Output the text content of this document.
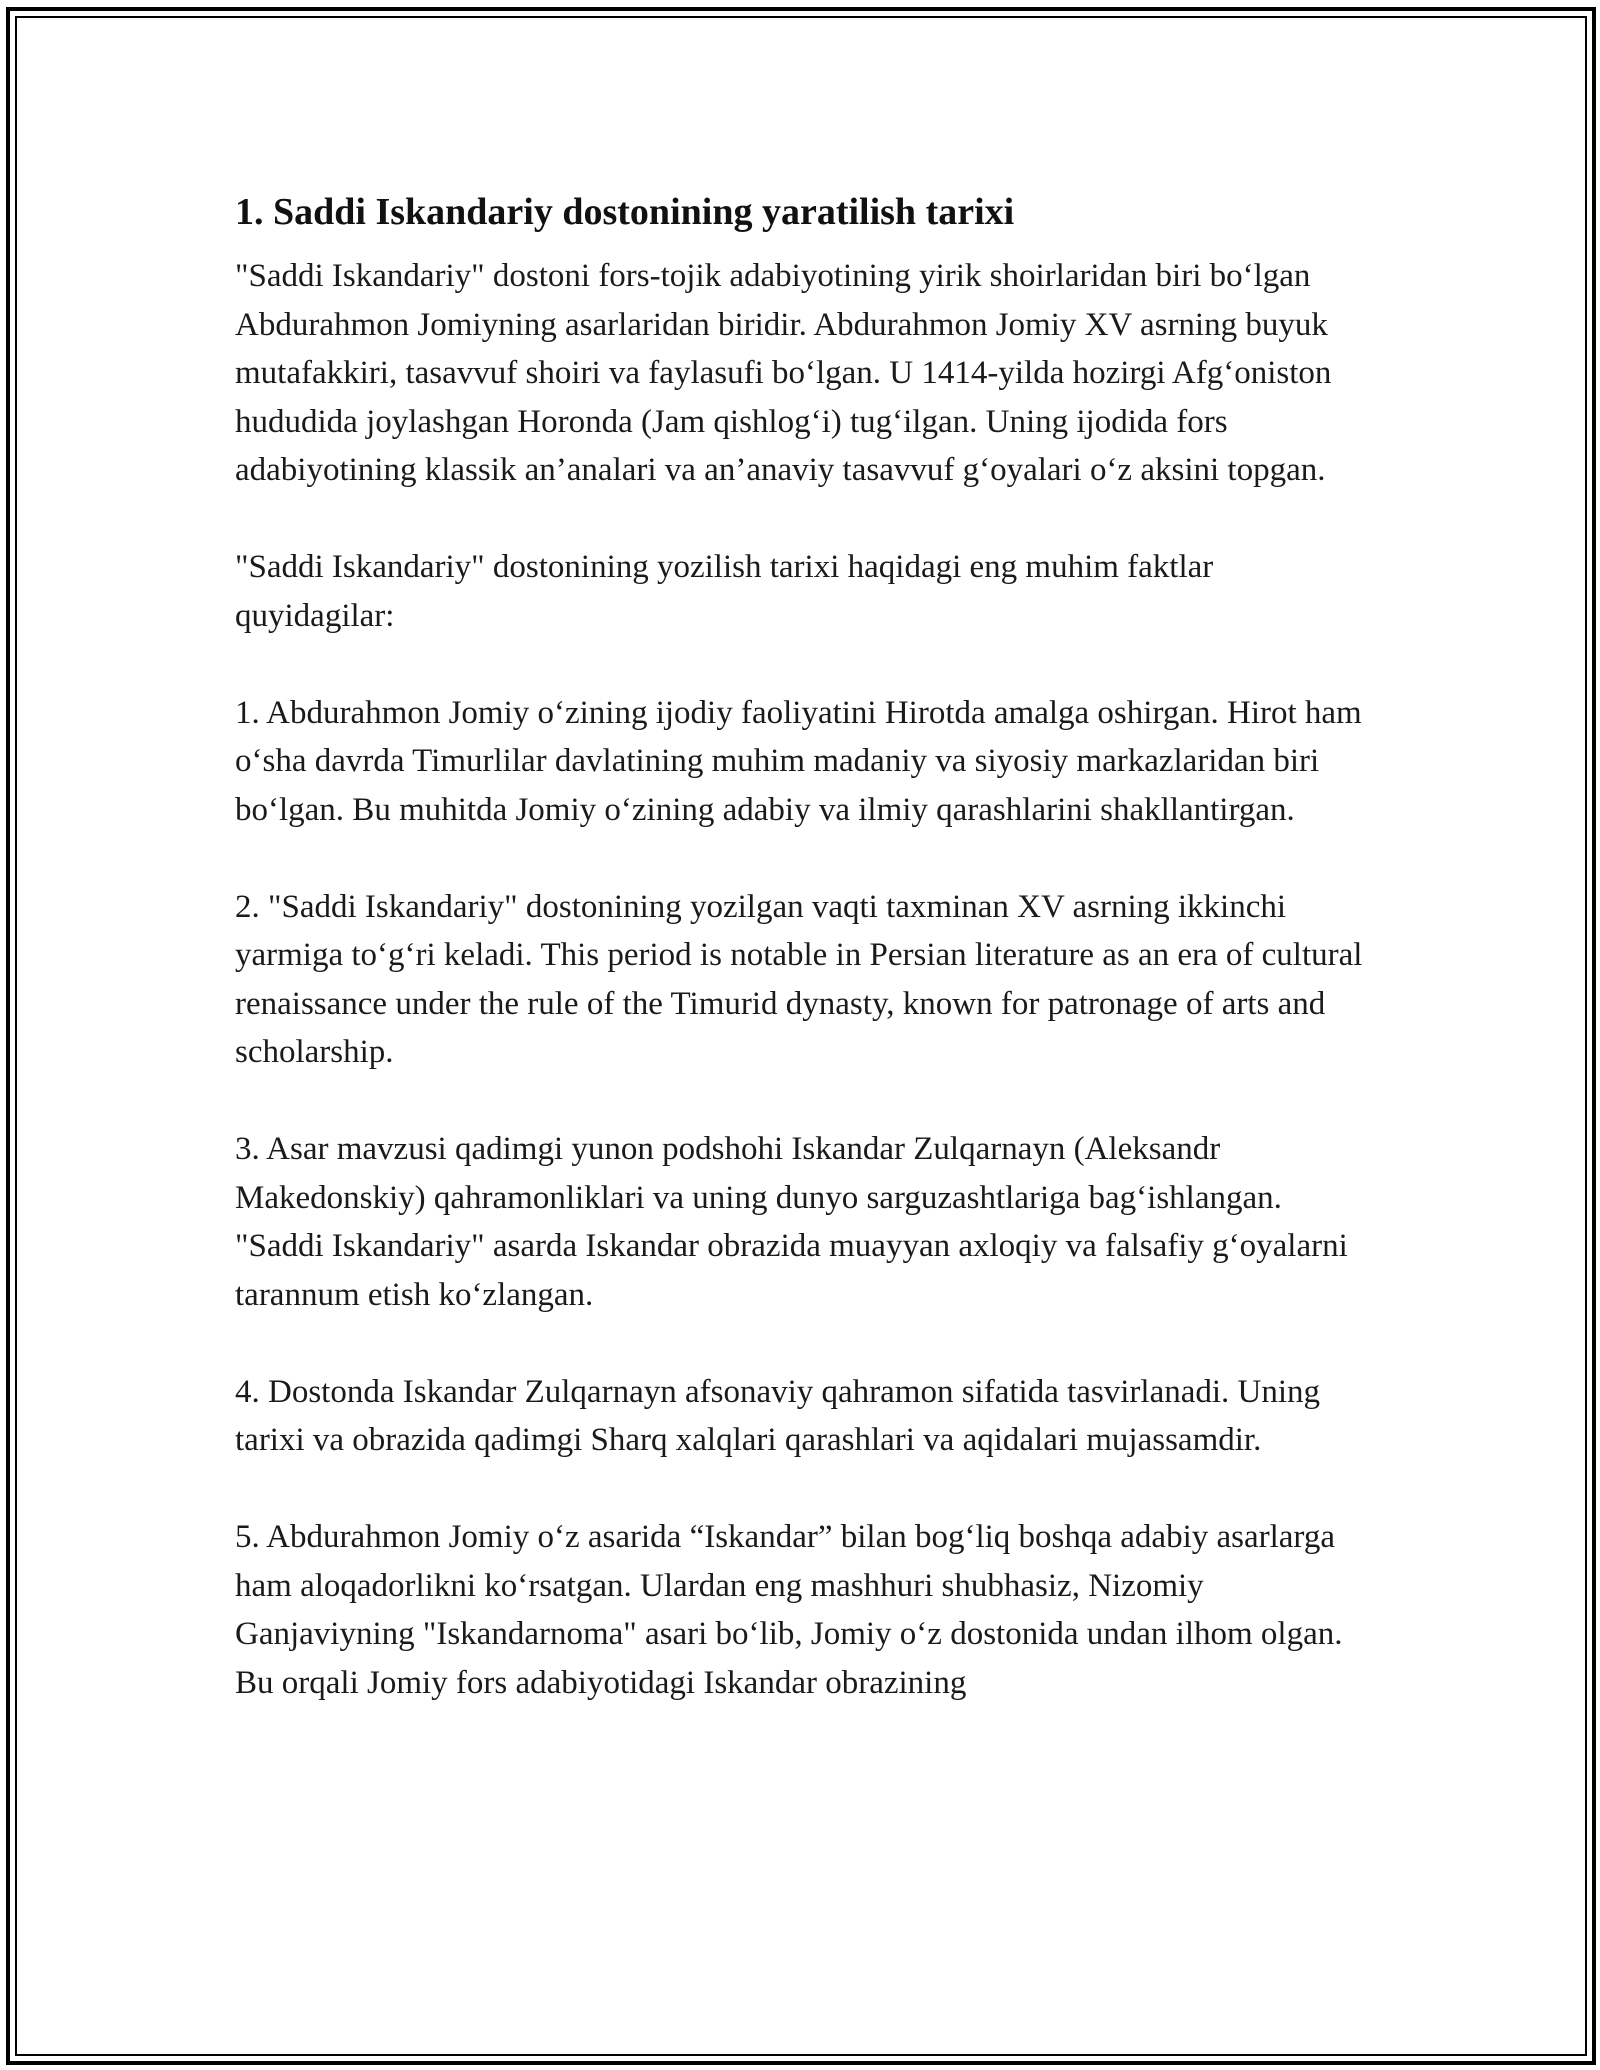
1. Saddi Iskandariy dostonining yaratilish tarixi

"Saddi Iskandariy" dostoni fors-tojik adabiyotining yirik shoirlaridan biri bo‘lgan Abdurahmon Jomiyning asarlaridan biridir. Abdurahmon Jomiy XV asrning buyuk mutafakkiri, tasavvuf shoiri va faylasufi bo‘lgan. U 1414-yilda hozirgi Afg‘oniston hududida joylashgan Horonda (Jam qishlog‘i) tug‘ilgan. Uning ijodida fors adabiyotining klassik an’analari va an’anaviy tasavvuf g‘oyalari o‘z aksini topgan.

"Saddi Iskandariy" dostonining yozilish tarixi haqidagi eng muhim faktlar quyidagilar:

1. Abdurahmon Jomiy o‘zining ijodiy faoliyatini Hirotda amalga oshirgan. Hirot ham o‘sha davrda Timurlilar davlatining muhim madaniy va siyosiy markazlaridan biri bo‘lgan. Bu muhitda Jomiy o‘zining adabiy va ilmiy qarashlarini shakllantirgan.

2. "Saddi Iskandariy" dostonining yozilgan vaqti taxminan XV asrning ikkinchi yarmiga to‘g‘ri keladi. This period is notable in Persian literature as an era of cultural renaissance under the rule of the Timurid dynasty, known for patronage of arts and scholarship.

3. Asar mavzusi qadimgi yunon podshohi Iskandar Zulqarnayn (Aleksandr Makedonskiy) qahramonliklari va uning dunyo sarguzashtlariga bag‘ishlangan. "Saddi Iskandariy" asarda Iskandar obrazida muayyan axloqiy va falsafiy g‘oyalarni tarannum etish ko‘zlangan.

4. Dostonda Iskandar Zulqarnayn afsonaviy qahramon sifatida tasvirlanadi. Uning tarixi va obrazida qadimgi Sharq xalqlari qarashlari va aqidalari mujassamdir.

5. Abdurahmon Jomiy o‘z asarida “Iskandar” bilan bog‘liq boshqa adabiy asarlarga ham aloqadorlikni ko‘rsatgan. Ulardan eng mashhuri shubhasiz, Nizomiy Ganjaviyning "Iskandarnoma" asari bo‘lib, Jomiy o‘z dostonida undan ilhom olgan. Bu orqali Jomiy fors adabiyotidagi Iskandar obrazining
